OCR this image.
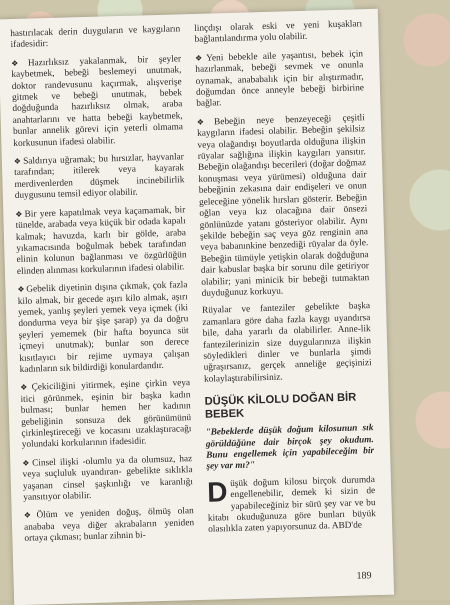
hastırılacak derin duyguların ve kaygıların ifadesidir:

❖ Hazırlıksız yakalanmak, bir şeyler kaybetmek, bebeği beslemeyi unutmak, doktor randevusunu kaçırmak, alışverişe gitmek ve bebeği unutmak, bebek doğduğunda hazırlıksız olmak, araba anahtarlarını ve hatta bebeği kaybetmek, bunlar annelik görevi için yeterli olmama korkusunun ifadesi olabilir.

❖ Saldırıya uğramak; bu hırsızlar, hayvanlar tarafından; itilerek veya kayarak merdivenlerden düşmek incinebilirlik duygusunu temsil ediyor olabilir.

❖ Bir yere kapatılmak veya kaçamamak, bir tünelde, arabada veya küçük bir odada kapalı kalmak; havuzda, karlı bir gölde, araba yıkamacısında boğulmak bebek tarafından elinin kolunun bağlanması ve özgürlüğün elinden alınması korkularının ifadesi olabilir.

❖ Gebelik diyetinin dışına çıkmak, çok fazla kilo almak, bir gecede aşırı kilo almak, aşırı yemek, yanlış şeyleri yemek veya içmek (iki dondurma veya bir şişe şarap) ya da doğru şeyleri yememek (bir hafta boyunca süt içmeyi unutmak); bunlar son derece kısıtlayıcı bir rejime uymaya çalışan kadınların sık bildirdiği konulardandır.

❖ Çekiciliğini yitirmek, eşine çirkin veya itici görünmek, eşinin bir başka kadın bulması; bunlar hemen her kadının gebeliğinin sonsuza dek görünümünü çirkinleştireceği ve kocasını uzaklaştıracağı yolundaki korkularının ifadesidir.

❖ Cinsel ilişki -olumlu ya da olumsuz, haz veya suçluluk uyandıran- gebelikte sıklıkla yaşanan cinsel şaşkınlığı ve karanlığı yansıtıyor olabilir.

❖ Ölüm ve yeniden doğuş, ölmüş olan anababa veya diğer akrabaların yeniden ortaya çıkması; bunlar zihnin bi-

linçdışı olarak eski ve yeni kuşakları bağlantılandırma yolu olabilir.

❖ Yeni bebekle aile yaşantısı, bebek için hazırlanmak, bebeği sevmek ve onunla oynamak, anababalık için bir alıştırmadır, doğumdan önce anneyle bebeği birbirine bağlar.

❖ Bebeğin neye benzeyeceği çeşitli kaygıların ifadesi olabilir. Bebeğin şekilsiz veya olağandışı boyutlarda olduğuna ilişkin rüyalar sağlığına ilişkin kaygıları yansıtır. Bebeğin olağandışı becerileri (doğar doğmaz konuşması veya yürümesi) olduğuna dair bebeğinin zekasına dair endişeleri ve onun geleceğine yönelik hırsları gösterir. Bebeğin oğlan veya kız olacağına dair önsezi gönlünüzde yatanı gösteriyor olabilir. Aynı şekilde bebeğin saç veya göz renginin ana veya babanınkine benzediği rüyalar da öyle. Bebeğin tümüyle yetişkin olarak doğduğuna dair kabuslar başka bir sorunu dile getiriyor olabilir; yani minicik bir bebeği tutmaktan duyduğunuz korkuyu.

Rüyalar ve fanteziler gebelikte başka zamanlara göre daha fazla kaygı uyandırsa bile, daha yararlı da olabilirler. Anne-lik fantezilerinizin size duygularınıza ilişkin söyledikleri dinler ve bunlarla şimdi uğraşırsanız, gerçek anneliğe geçişinizi kolaylaştırabilirsiniz.

DÜŞÜK KİLOLU DOĞAN BİR BEBEK

"Bebeklerde düşük doğum kilosunun sık görüldüğüne dair birçok şey okudum. Bunu engellemek için yapabileceğim bir şey var mı?"

Düşük doğum kilosu birçok durumda engellenebilir, demek ki sizin de yapabileceğiniz bir sürü şey var ve bu kitabı okuduğunuza göre bunları büyük olasılıkla zaten yapıyorsunuz da. ABD'de

189
